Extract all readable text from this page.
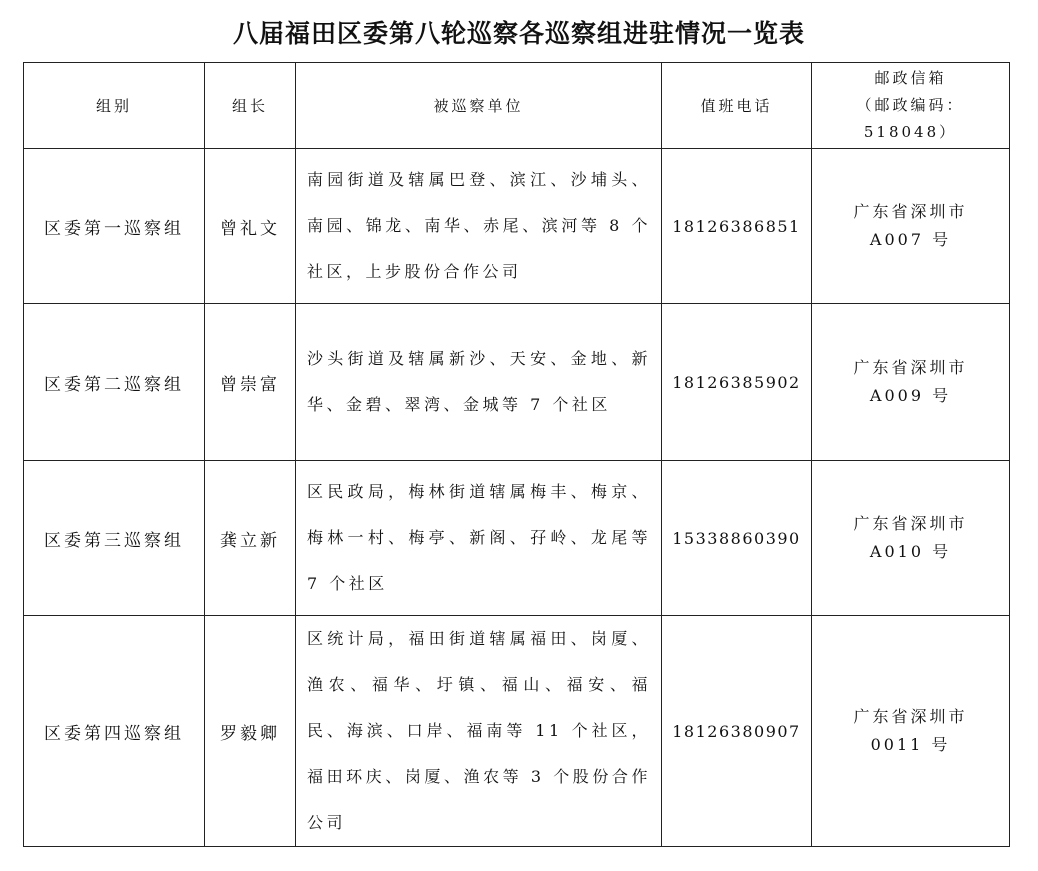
八届福田区委第八轮巡察各巡察组进驻情况一览表
组别	组长	被巡察单位	值班电话	邮政信箱
（邮政编码：
518048）

区委第一巡察组	曾礼文	南园街道及辖属巴登、滨江、沙埔头、南园、锦龙、南华、赤尾、滨河等 8 个社区，上步股份合作公司	18126386851	广东省深圳市
A007 号

区委第二巡察组	曾崇富	沙头街道及辖属新沙、天安、金地、新华、金碧、翠湾、金城等 7 个社区	18126385902	广东省深圳市
A009 号

区委第三巡察组	龚立新	区民政局，梅林街道辖属梅丰、梅京、梅林一村、梅亭、新阁、孖岭、龙尾等 7 个社区	15338860390	广东省深圳市
A010 号

区委第四巡察组	罗毅卿	区统计局，福田街道辖属福田、岗厦、渔农、福华、圩镇、福山、福安、福民、海滨、口岸、福南等 11 个社区，福田环庆、岗厦、渔农等 3 个股份合作公司	18126380907	广东省深圳市
0011 号
